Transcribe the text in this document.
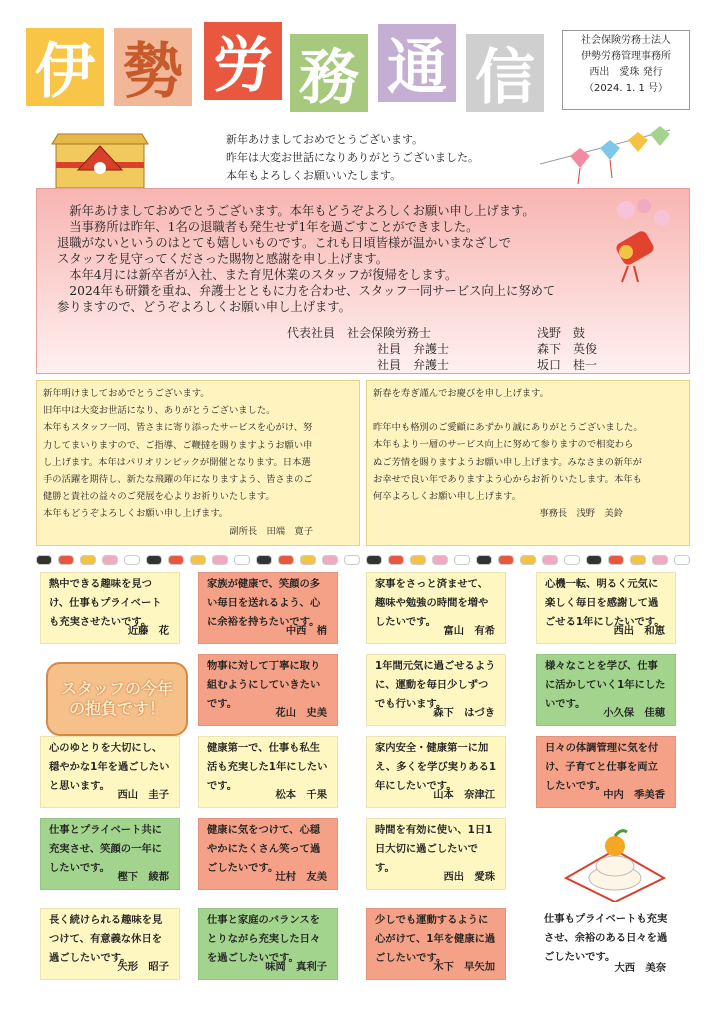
伊 勢 労 務 通 信
社会保険労務士法人
伊勢労務管理事務所
西出　愛珠 発行
（2024. 1. 1 号）
新年あけましておめでとうございます。
昨年は大変お世話になりありがとうございました。
本年もよろしくお願いいたします。

　新年あけましておめでとうございます。本年もどうぞよろしくお願い申し上げます。

　当事務所は昨年、1名の退職者も発生せず1年を過ごすことができました。

退職がないというのはとても嬉しいものです。これも日頃皆様が温かいまなざしで

スタッフを見守ってくださった賜物と感謝を申し上げます。

　本年4月には新卒者が入社、また育児休業のスタッフが復帰をします。

　2024年も研鑽を重ね、弁護士とともに力を合わせ、スタッフ一同サービス向上に努めて

参りますので、どうぞよろしくお願い申し上げます。

代表社員　社会保険労務士	浅野　鼓
社員　弁護士	森下　英俊
社員　弁護士	坂口　桂一

新年明けましておめでとうございます。

旧年中は大変お世話になり、ありがとうございました。

本年もスタッフ一同、皆さまに寄り添ったサービスを心がけ、努

力してまいりますので、ご指導、ご鞭撻を賜りますようお願い申

し上げます。本年はパリオリンピックが開催となります。日本選

手の活躍を期待し、新たな飛躍の年になりますよう、皆さまのご

健勝と貴社の益々のご発展を心よりお祈りいたします。

本年もどうぞよろしくお願い申し上げます。

副所長　田端　寛子

新春を寿ぎ謹んでお慶びを申し上げます。

昨年中も格別のご愛顧にあずかり誠にありがとうございました。

本年もより一層のサービス向上に努めて参りますので相変わら

ぬご芳情を賜りますようお願い申し上げます。みなさまの新年が

お幸せで良い年でありますよう心からお祈りいたします。本年も

何卒よろしくお願い申し上げます。

事務長　浅野　美鈴

スタッフの今年
の抱負です！
熱中できる趣味を見つけ、仕事もプライベートも充実させたいです。
近藤　花
家族が健康で、笑顔の多い毎日を送れるよう、心に余裕を持ちたいです。
中西　梢
家事をさっと済ませて、趣味や勉強の時間を増やしたいです。
富山　有希
心機一転、明るく元気に楽しく毎日を感謝して過ごせる1年にしたいです。
西出　和恵
物事に対して丁寧に取り組むようにしていきたいです。
花山　史美
1年間元気に過ごせるように、運動を毎日少しずつでも行います。
森下　はづき
様々なことを学び、仕事に活かしていく1年にしたいです。
小久保　佳穂
心のゆとりを大切にし、穏やかな1年を過ごしたいと思います。
西山　圭子
健康第一で、仕事も私生活も充実した1年にしたいです。
松本　千果
家内安全・健康第一に加え、多くを学び実りある1年にしたいです。
山本　奈津江
日々の体調管理に気を付け、子育てと仕事を両立したいです。
中内　季美香
仕事とプライベート共に充実させ、笑顔の一年にしたいです。
樫下　綾都
健康に気をつけて、心穏やかにたくさん笑って過ごしたいです。
辻村　友美
時間を有効に使い、1日1日大切に過ごしたいです。
西出　愛珠
長く続けられる趣味を見つけて、有意義な休日を過ごしたいです。
矢形　昭子
仕事と家庭のバランスをとりながら充実した日々を過ごしたいです。
味岡　真利子
少しでも運動するように心がけて、1年を健康に過ごしたいです。
木下　早矢加
仕事もプライベートも充実させ、余裕のある日々を過ごしたいです。
大西　美奈
